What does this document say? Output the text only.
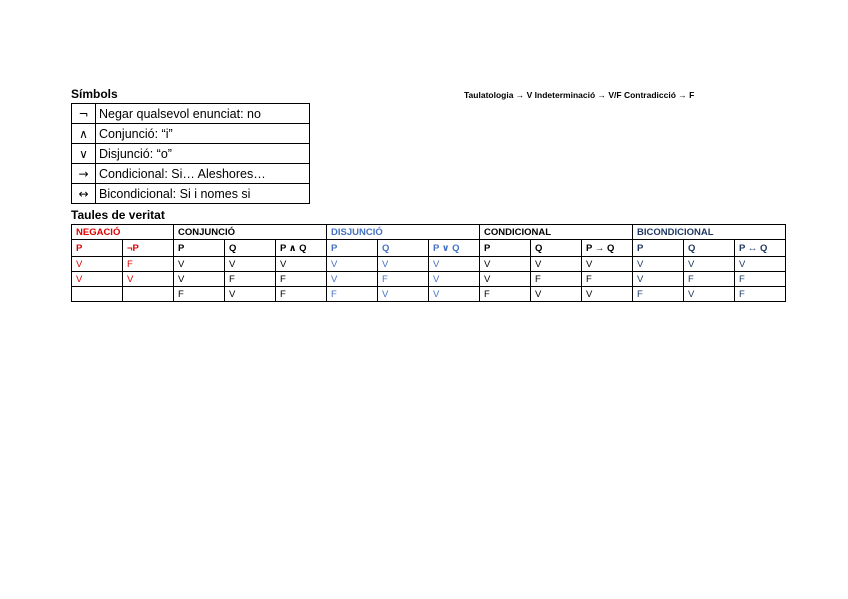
Símbols	Taulatologia → V Indeterminació → V/F Contradicció → F
¬	Negar qualsevol enunciat: no
∧	Conjunció: “i”
∨	Disjunció: “o”
→	Condicional: Si… Aleshores…
↔	Bicondicional: Si i nomes si
Taules de veritat
NEGACIÓ		CONJUNCIÓ			DISJUNCIÓ			CONDICIONAL			BICONDICIONAL		
P	¬P	P	Q	P ∧ Q	P	Q	P ∨ Q	P	Q	P → Q	P	Q	P ↔ Q
V	F	V	V	V	V	V	V	V	V	V	V	V	V
V	V	V	F	F	V	F	V	V	F	F	V	F	F
		F	V	F	F	V	V	F	V	V	F	V	F
